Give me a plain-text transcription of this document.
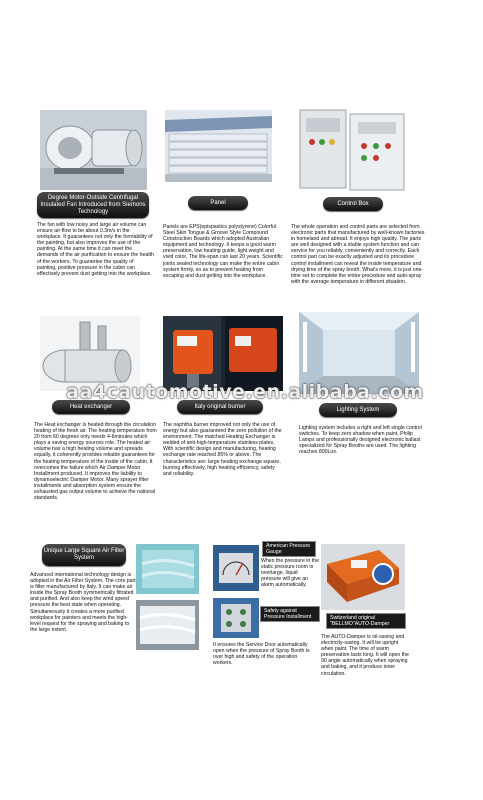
Degree Motor-Outside Centrifugal Insulated Fan Introduced from Siemons Technology
The fan with low noisy and large air volume can ensure air-flow to be about 0.3m/s in the workplace. It guarantees not only the formability of the painting, but also improves the use of the painting. At the same time it can meet the demands of the air purification to ensure the health of the workers. To guarantee the quality of painting, positive pressure in the cabin can effectively prevent dust getting into the workplace.
Panel
Panels are EPS(epispastics polystyrene) Colorful Steel Skin Tongue & Groove Style Compound Construction Boards which adopted Australian equipment and technology. It keeps a good warm preservation, low heating guide, light weight and vivid color. The life-span can last 20 years. Scientific joints sealed technology can make the entire cabin system firmly, so as to prevent heating from escaping and dust getting into the workplace.
Control Box
The whole operation and control parts are selected from electronic parts that manufactured by well-known factories in homeland and abroad. It enjoys high quality. The parts are well designed with a stable system function and can service for you reliably, conveniently and correctly. Each control part can be exactly adjusted and its procedure control installment can reveal the inside temperature and drying time of the spray booth. What's more, it is just one-time set to complete the entire procedure and auto-spray with the average temperature in different situation.
Heat exchanger
The Heat exchanger is heated through the circulation heating of the fresh air. The heating temperature from 20 from 60 degrees only needs 4-6minutes which plays a saving energy sources role. The heated air volume has a high heating volume and spreads equally, it coherently provides reliable guarantees for the heating temperature of the inside of the cabin. It overcomes the failure which Air Damper Motor Installment produced. It improves the liability to dynamoelectric Damper Motor. Many sprayer filter installments and absorption system ensure the exhausted gas output volume to achieve the national standards.
Italy original burner
The naphtha burner improved not only the use of energy but also guaranteed the zero pollution of the environment. The matched Heating Exchanger is welded of anti-high-temperature stainless plates. With scientific design and manufacturing, heating exchange rate reached 85% or above. The characteristics are: large heating exchange square, burning effectively, high heating efficiency, safety and reliability.
Lighting System
Lighting system includes a right and left single control switches. To keep zero shadow when paint, Philip Lamps and professionally designed electronic ballast specialized for Spray Booths are used. The lighting reaches 800Lux.
aa4cautomotive.en.alibaba.com
Unique Large Square Air Filter System
Advanced international technology design is adopted in the Air Filter System. The core part is filter manufactured by Italy. It can make air inside the Spray Booth symmetrically filtrated and purified. And also keep the wind speed pressure the best state when operating. Simultaneously it creates a more purified workplace for painters and meets the high-level request for the spraying and baking to the large extent.
American Pressure Gauge
When the pressure in the static pressure room is overlarge, liquid pressure will give an alarm automatically.
Safety against Pressure Installment
It ensures the Service Door automatically open when the pressure of Spray Booth is over high and safety of the operation workers.
Switzerland original "BELLMO"AUTO-Damper
The AUTO-Damper is oil-saving and electricity-saving. It will be upright when paint. The time of warm preservation lasts long. It will open the 90 angle automatically when spraying and baking, and it produce inner circulation.
